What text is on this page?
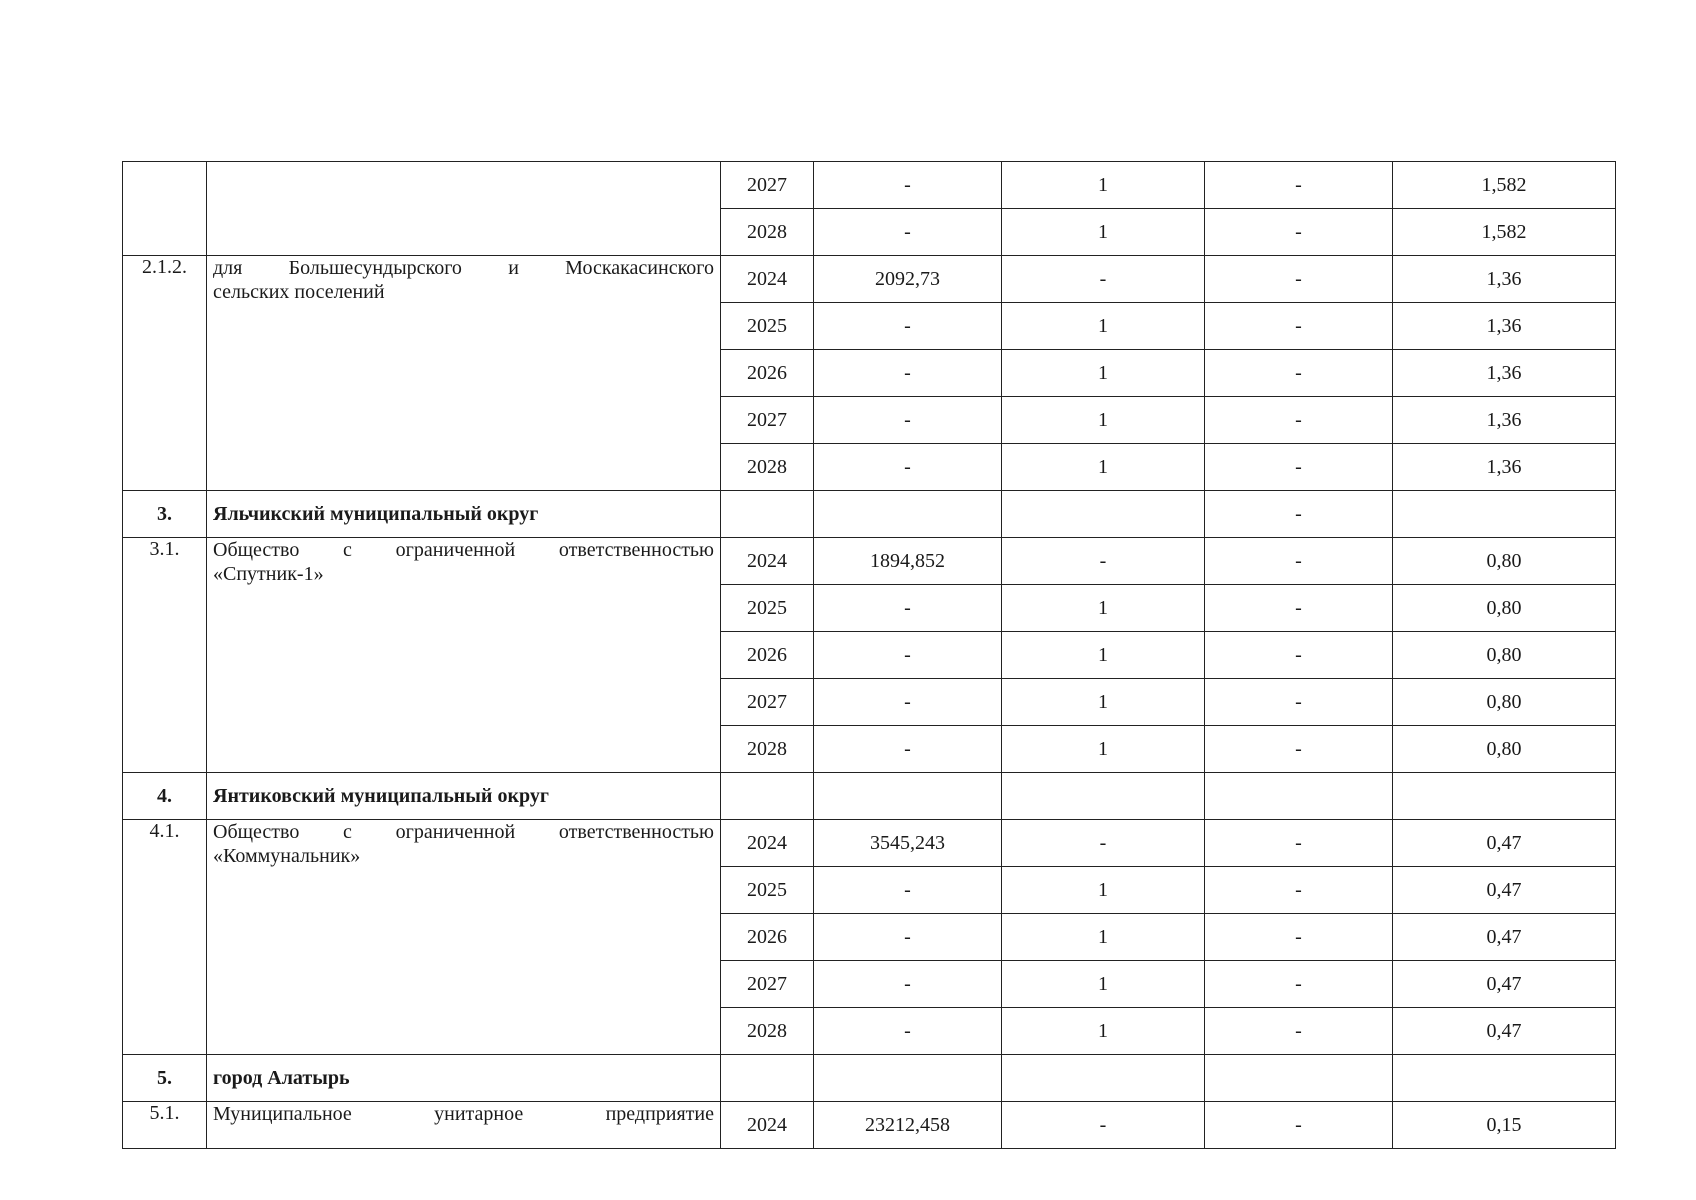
		2027	-	1	-	1,582
		2028	-	1	-	1,582
2.1.2.	для Большесундырского и Москакасинского
сельских поселений	2024	2092,73	-	-	1,36
		2025	-	1	-	1,36
		2026	-	1	-	1,36
		2027	-	1	-	1,36
		2028	-	1	-	1,36
3.	Яльчикский муниципальный округ				-	
3.1.	Общество с ограниченной ответственностью
«Спутник-1»	2024	1894,852	-	-	0,80
		2025	-	1	-	0,80
		2026	-	1	-	0,80
		2027	-	1	-	0,80
		2028	-	1	-	0,80
4.	Янтиковский муниципальный округ					
4.1.	Общество с ограниченной ответственностью
«Коммунальник»	2024	3545,243	-	-	0,47
		2025	-	1	-	0,47
		2026	-	1	-	0,47
		2027	-	1	-	0,47
		2028	-	1	-	0,47
5.	город Алатырь					
5.1.	Муниципальное унитарное предприятие	2024	23212,458	-	-	0,15
